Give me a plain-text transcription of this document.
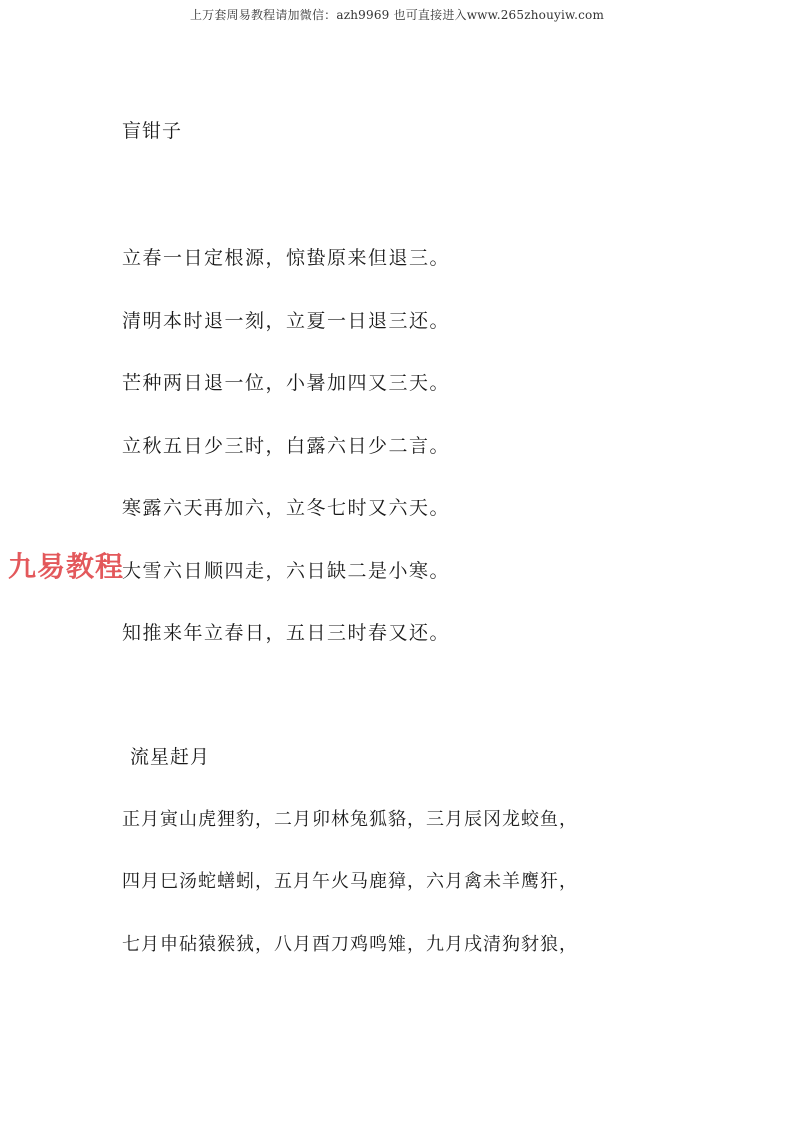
上万套周易教程请加微信：azh9969 也可直接进入www.265zhouyiw.com
盲钳子
立春一日定根源，惊蛰原来但退三。
清明本时退一刻，立夏一日退三还。
芒种两日退一位，小暑加四又三天。
立秋五日少三时，白露六日少二言。
寒露六天再加六，立冬七时又六天。
大雪六日顺四走，六日缺二是小寒。
知推来年立春日，五日三时春又还。
流星赶月
正月寅山虎狸豹，二月卯林兔狐貉，三月辰冈龙蛟鱼，
四月巳汤蛇蟮蚓，五月午火马鹿獐，六月禽未羊鹰犴，
七月申砧猿猴狨，八月酉刀鸡鸣雉，九月戌清狗豺狼，
九易教程
